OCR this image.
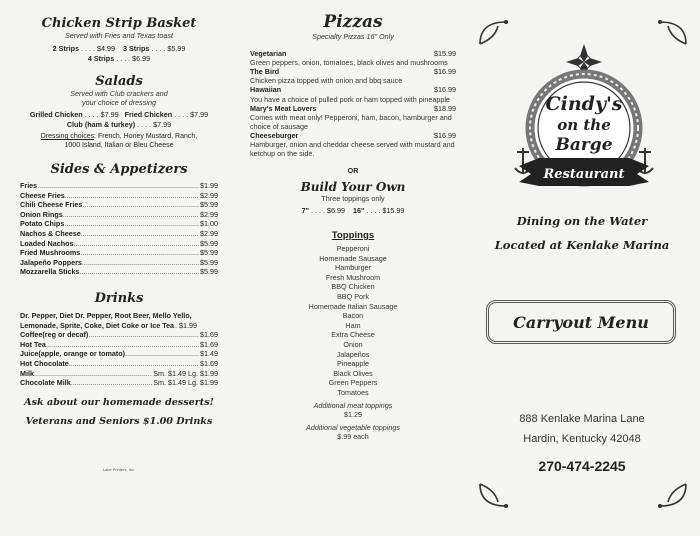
Chicken Strip Basket
Served with Fries and Texas toast
2 Strips . . . . $4.99 3 Strips . . . . $5.99
4 Strips . . . . $6.99
Salads
Served with Club crackers and
your choice of dressing
Grilled Chicken . . . . $7.99 Fried Chicken . . . . $7.99
Club (ham & turkey) . . . . $7.99
Dressing choices: French, Honey Mustard, Ranch,
1000 Island, Italian or Bleu Cheese
Sides & Appetizers
Fries .....	$1.99
Cheese Fries .....	$2.99
Chili Cheese Fries .....	$5.99
Onion Rings .....	$2.99
Potato Chips .....	$1.00
Nachos & Cheese .....	$2.99
Loaded Nachos .....	$5.99
Fried Mushrooms .....	$5.99
Jalapeño Poppers .....	$5.99
Mozzarella Sticks .....	$5.99
Drinks
Dr. Pepper, Diet Dr. Pepper, Root Beer, Mello Yello,
Lemonade, Sprite, Coke, Diet Coke or Ice Tea . $1.99
Coffee (reg or decaf) .....	$1.69
Hot Tea .....	$1.69
Juice (apple, orange or tomato) .....	$1.49
Hot Chocolate .....	$1.69
Milk .....	Sm. $1.49 Lg. $1.99
Chocolate Milk .....	Sm. $1.49 Lg. $1.99
Ask about our homemade desserts!
Veterans and Seniors $1.00 Drinks
Lake Printers, Inc.
Pizzas
Specialty Pizzas 16" Only
Vegetarian	$15.99
Green peppers, onion, tomatoes, black olives and mushrooms
The Bird	$16.99
Chicken pizza topped with onion and bbq sauce
Hawaiian	$16.99
You have a choice of pulled pork or ham topped with pineapple
Mary's Meat Lovers	$18.99
Comes with meat only! Pepperoni, ham, bacon, hamburger and choice of sausage
Cheeseburger	$16.99
Hamburger, onion and cheddar cheese served with mustard and ketchup on the side.
OR
Build Your Own
Three toppings only
7" . . . . $6.99 16" . . . . $15.99
Toppings
Pepperoni
Homemade Sausage
Hamburger
Fresh Mushroom
BBQ Chicken
BBQ Pork
Homemade Italian Sausage
Bacon
Ham
Extra Cheese
Onion
Jalapeños
Pineapple
Black Olives
Green Peppers
Tomatoes
Additional meat toppings
$1.29
Additional vegetable toppings
$.99 each
Cindy's
on the
Barge
Restaurant
Dining on the Water
Located at Kenlake Marina
Carryout Menu
888 Kenlake Marina Lane
Hardin, Kentucky 42048
270-474-2245
